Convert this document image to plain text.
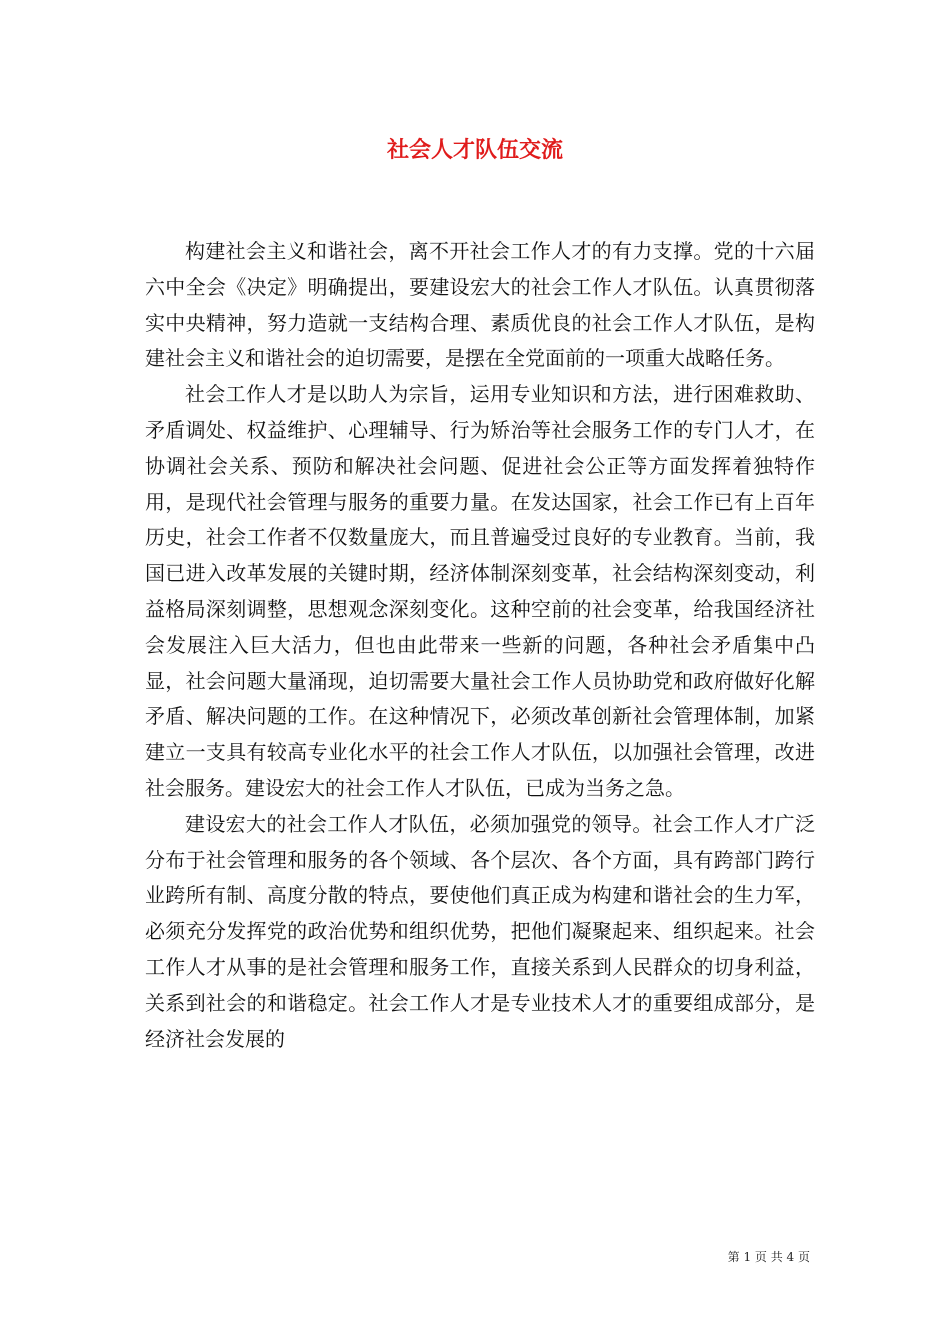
社会人才队伍交流

构建社会主义和谐社会，离不开社会工作人才的有力支撑。党的十六届六中全会《决定》明确提出，要建设宏大的社会工作人才队伍。认真贯彻落实中央精神，努力造就一支结构合理、素质优良的社会工作人才队伍，是构建社会主义和谐社会的迫切需要，是摆在全党面前的一项重大战略任务。

社会工作人才是以助人为宗旨，运用专业知识和方法，进行困难救助、矛盾调处、权益维护、心理辅导、行为矫治等社会服务工作的专门人才，在协调社会关系、预防和解决社会问题、促进社会公正等方面发挥着独特作用，是现代社会管理与服务的重要力量。在发达国家，社会工作已有上百年历史，社会工作者不仅数量庞大，而且普遍受过良好的专业教育。当前，我国已进入改革发展的关键时期，经济体制深刻变革，社会结构深刻变动，利益格局深刻调整，思想观念深刻变化。这种空前的社会变革，给我国经济社会发展注入巨大活力，但也由此带来一些新的问题，各种社会矛盾集中凸显，社会问题大量涌现，迫切需要大量社会工作人员协助党和政府做好化解矛盾、解决问题的工作。在这种情况下，必须改革创新社会管理体制，加紧建立一支具有较高专业化水平的社会工作人才队伍，以加强社会管理，改进社会服务。建设宏大的社会工作人才队伍，已成为当务之急。

建设宏大的社会工作人才队伍，必须加强党的领导。社会工作人才广泛分布于社会管理和服务的各个领域、各个层次、各个方面，具有跨部门跨行业跨所有制、高度分散的特点，要使他们真正成为构建和谐社会的生力军，必须充分发挥党的政治优势和组织优势，把他们凝聚起来、组织起来。社会工作人才从事的是社会管理和服务工作，直接关系到人民群众的切身利益，关系到社会的和谐稳定。社会工作人才是专业技术人才的重要组成部分，是经济社会发展的

第 1 页 共 4 页
